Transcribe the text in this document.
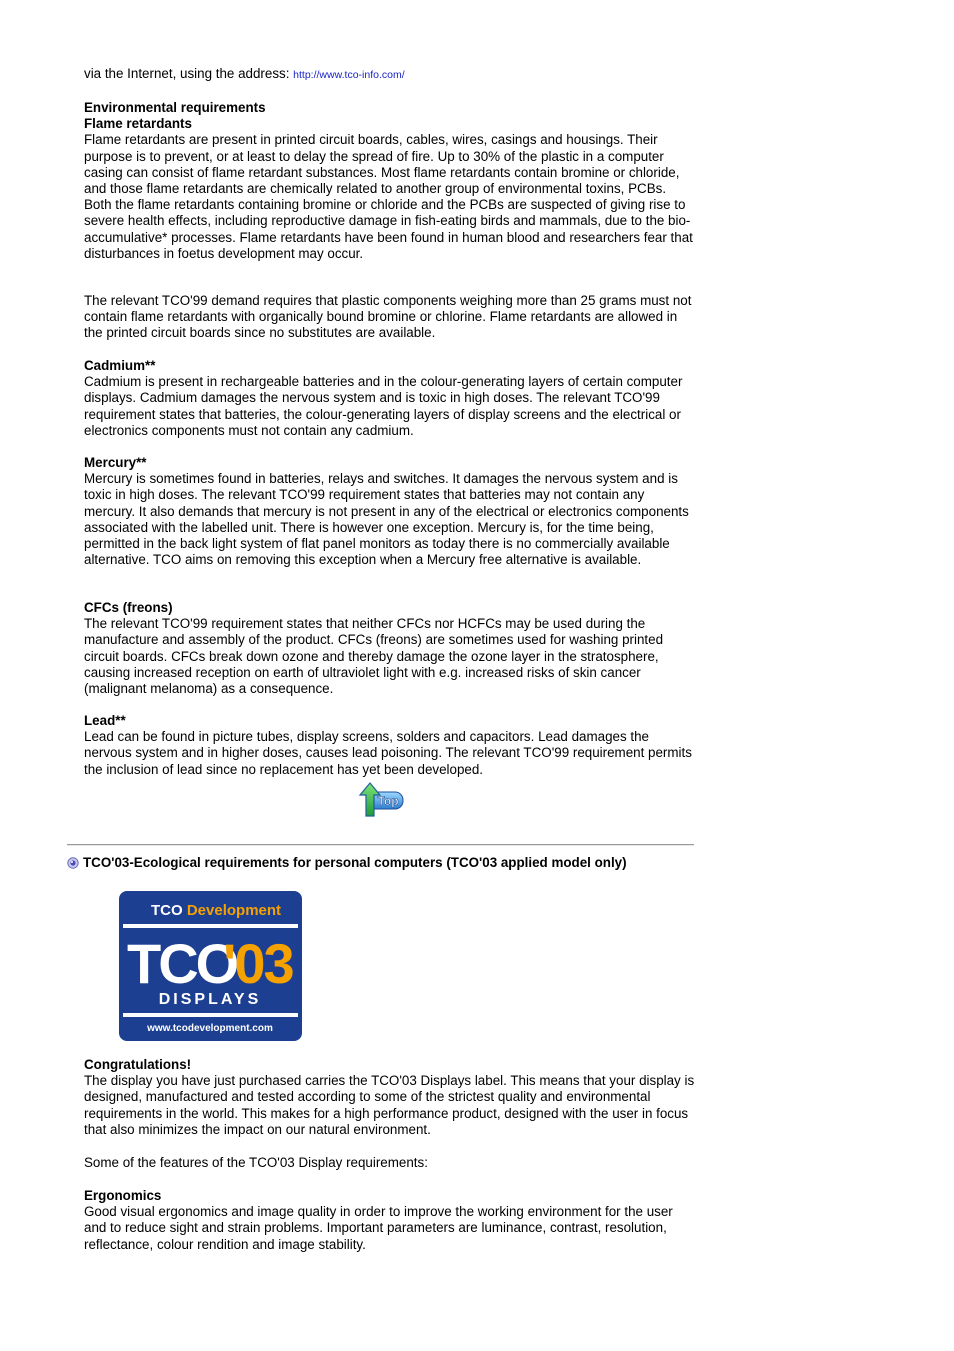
via the Internet, using the address: http://www.tco-info.com/

Environmental requirements

Flame retardants

Flame retardants are present in printed circuit boards, cables, wires, casings and housings. Their purpose is to prevent, or at least to delay the spread of fire. Up to 30% of the plastic in a computer casing can consist of flame retardant substances. Most flame retardants contain bromine or chloride, and those flame retardants are chemically related to another group of environmental toxins, PCBs. Both the flame retardants containing bromine or chloride and the PCBs are suspected of giving rise to severe health effects, including reproductive damage in fish-eating birds and mammals, due to the bio-accumulative* processes. Flame retardants have been found in human blood and researchers fear that disturbances in foetus development may occur.

The relevant TCO'99 demand requires that plastic components weighing more than 25 grams must not contain flame retardants with organically bound bromine or chlorine. Flame retardants are allowed in the printed circuit boards since no substitutes are available.

Cadmium**

Cadmium is present in rechargeable batteries and in the colour-generating layers of certain computer displays. Cadmium damages the nervous system and is toxic in high doses. The relevant TCO'99 requirement states that batteries, the colour-generating layers of display screens and the electrical or electronics components must not contain any cadmium.

Mercury**

Mercury is sometimes found in batteries, relays and switches. It damages the nervous system and is toxic in high doses. The relevant TCO'99 requirement states that batteries may not contain any mercury. It also demands that mercury is not present in any of the electrical or electronics components associated with the labelled unit. There is however one exception. Mercury is, for the time being, permitted in the back light system of flat panel monitors as today there is no commercially available alternative. TCO aims on removing this exception when a Mercury free alternative is available.

CFCs (freons)

The relevant TCO'99 requirement states that neither CFCs nor HCFCs may be used during the manufacture and assembly of the product. CFCs (freons) are sometimes used for washing printed circuit boards. CFCs break down ozone and thereby damage the ozone layer in the stratosphere, causing increased reception on earth of ultraviolet light with e.g. increased risks of skin cancer (malignant melanoma) as a consequence.

Lead**

Lead can be found in picture tubes, display screens, solders and capacitors. Lead damages the nervous system and in higher doses, causes lead poisoning. The relevant TCO'99 requirement permits the inclusion of lead since no replacement has yet been developed.

Top
TCO'03-Ecological requirements for personal computers (TCO'03 applied model only)
TCO Development
TCO
'03
DISPLAYS
www.tcodevelopment.com

Congratulations!

The display you have just purchased carries the TCO'03 Displays label. This means that your display is designed, manufactured and tested according to some of the strictest quality and environmental requirements in the world. This makes for a high performance product, designed with the user in focus that also minimizes the impact on our natural environment.

Some of the features of the TCO'03 Display requirements:

Ergonomics

Good visual ergonomics and image quality in order to improve the working environment for the user and to reduce sight and strain problems. Important parameters are luminance, contrast, resolution, reflectance, colour rendition and image stability.
